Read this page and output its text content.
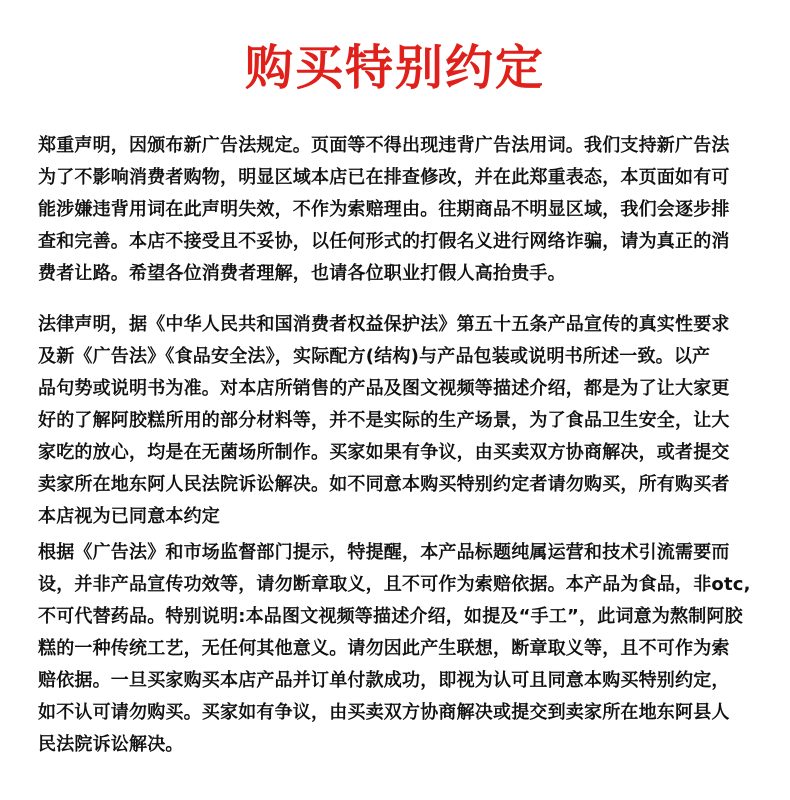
购买特别约定

郑重声明，因颁布新广告法规定。页面等不得出现违背广告法用词。我们支持新广告法
为了不影响消费者购物，明显区域本店已在排查修改，并在此郑重表态，本页面如有可
能涉嫌违背用词在此声明失效，不作为索赔理由。往期商品不明显区域，我们会逐步排
查和完善。本店不接受且不妥协，以任何形式的打假名义进行网络诈骗，请为真正的消
费者让路。希望各位消费者理解，也请各位职业打假人高抬贵手。

法律声明，据《中华人民共和国消费者权益保护法》第五十五条产品宣传的真实性要求
及新《广告法》《食品安全法》，实际配方(结构)与产品包装或说明书所述一致。以产
品句势或说明书为准。对本店所销售的产品及图文视频等描述介绍，都是为了让大家更
好的了解阿胶糕所用的部分材料等，并不是实际的生产场景，为了食品卫生安全，让大
家吃的放心，均是在无菌场所制作。买家如果有争议，由买卖双方协商解决，或者提交
卖家所在地东阿人民法院诉讼解决。如不同意本购买特别约定者请勿购买，所有购买者
本店视为已同意本约定

根据《广告法》和市场监督部门提示，特提醒，本产品标题纯属运营和技术引流需要而
设，并非产品宣传功效等，请勿断章取义，且不可作为索赔依据。本产品为食品，非otc,
不可代替药品。特别说明:本品图文视频等描述介绍，如提及“手工”，此词意为熬制阿胶
糕的一种传统工艺，无任何其他意义。请勿因此产生联想，断章取义等，且不可作为索
赔依据。一旦买家购买本店产品并订单付款成功，即视为认可且同意本购买特别约定，
如不认可请勿购买。买家如有争议，由买卖双方协商解决或提交到卖家所在地东阿县人
民法院诉讼解决。
